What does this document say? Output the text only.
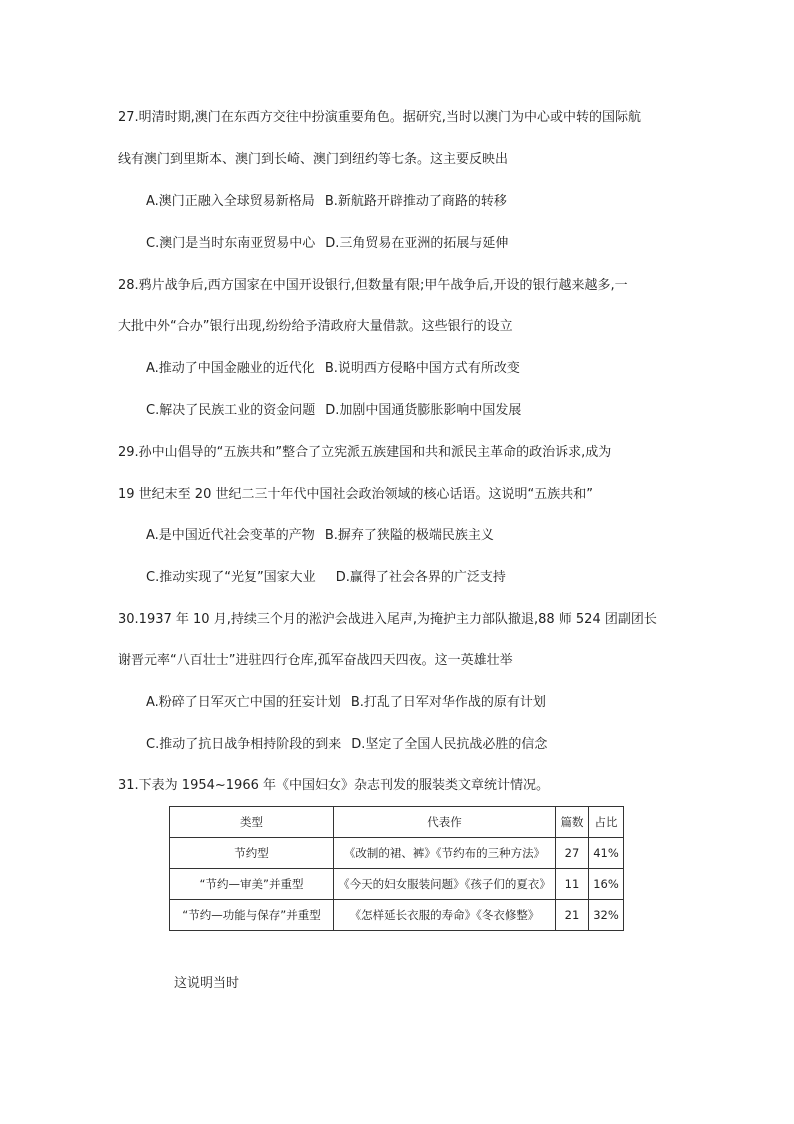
27.明清时期,澳门在东西方交往中扮演重要角色。据研究,当时以澳门为中心或中转的国际航
线有澳门到里斯本、澳门到长崎、澳门到纽约等七条。这主要反映出
A.澳门正融入全球贸易新格局 B.新航路开辟推动了商路的转移
C.澳门是当时东南亚贸易中心 D.三角贸易在亚洲的拓展与延伸
28.鸦片战争后,西方国家在中国开设银行,但数量有限;甲午战争后,开设的银行越来越多,一
大批中外“合办”银行出现,纷纷给予清政府大量借款。这些银行的设立
A.推动了中国金融业的近代化 B.说明西方侵略中国方式有所改变
C.解决了民族工业的资金问题 D.加剧中国通货膨胀影响中国发展
29.孙中山倡导的“五族共和”整合了立宪派五族建国和共和派民主革命的政治诉求,成为
19 世纪末至 20 世纪二三十年代中国社会政治领域的核心话语。这说明“五族共和”
A.是中国近代社会变革的产物 B.摒弃了狭隘的极端民族主义
C.推动实现了“光复”国家大业 D.赢得了社会各界的广泛支持
30.1937 年 10 月,持续三个月的淞沪会战进入尾声,为掩护主力部队撤退,88 师 524 团副团长
谢晋元率“八百壮士”进驻四行仓库,孤军奋战四天四夜。这一英雄壮举
A.粉碎了日军灭亡中国的狂妄计划 B.打乱了日军对华作战的原有计划
C.推动了抗日战争相持阶段的到来 D.坚定了全国人民抗战必胜的信念
31.下表为 1954~1966 年《中国妇女》杂志刊发的服装类文章统计情况。
类型	代表作	篇数	占比
节约型	《改制的裙、裤》《节约布的三种方法》	27	41%
“节约—审美”并重型	《今天的妇女服装问题》《孩子们的夏衣》	11	16%
“节约—功能与保存”并重型	《怎样延长衣服的寿命》《冬衣修整》	21	32%
这说明当时
